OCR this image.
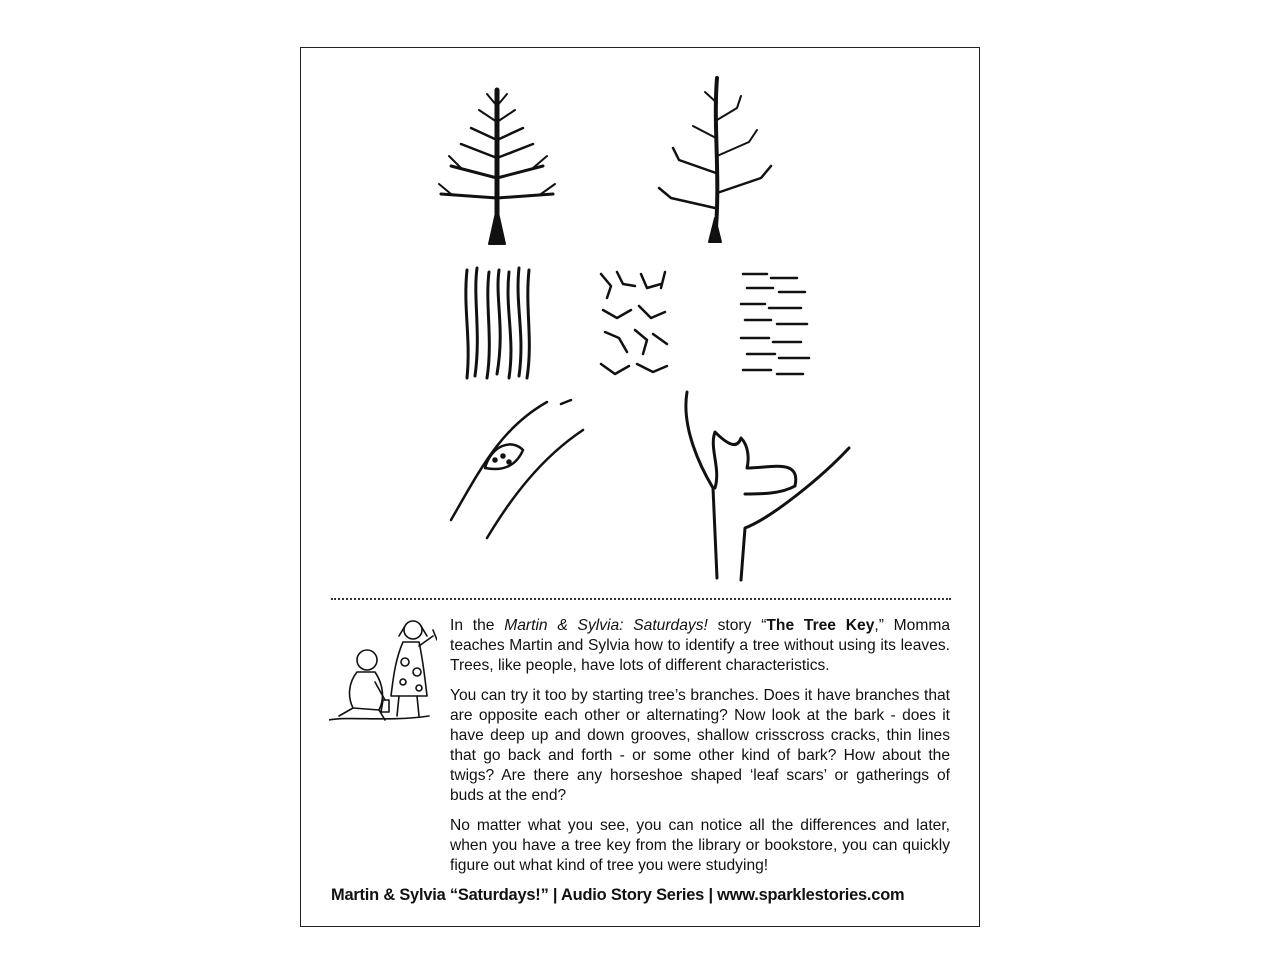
In the Martin & Sylvia: Saturdays! story “The Tree Key,” Momma teaches Martin and Sylvia how to identify a tree without using its leaves. Trees, like people, have lots of different characteristics.

You can try it too by starting tree’s branches. Does it have branches that are opposite each other or alternating? Now look at the bark - does it have deep up and down grooves, shallow crisscross cracks, thin lines that go back and forth - or some other kind of bark? How about the twigs? Are there any horseshoe shaped ‘leaf scars’ or gatherings of buds at the end?

No matter what you see, you can notice all the differences and later, when you have a tree key from the library or bookstore, you can quickly figure out what kind of tree you were studying!

Martin & Sylvia “Saturdays!” | Audio Story Series | www.sparklestories.com
